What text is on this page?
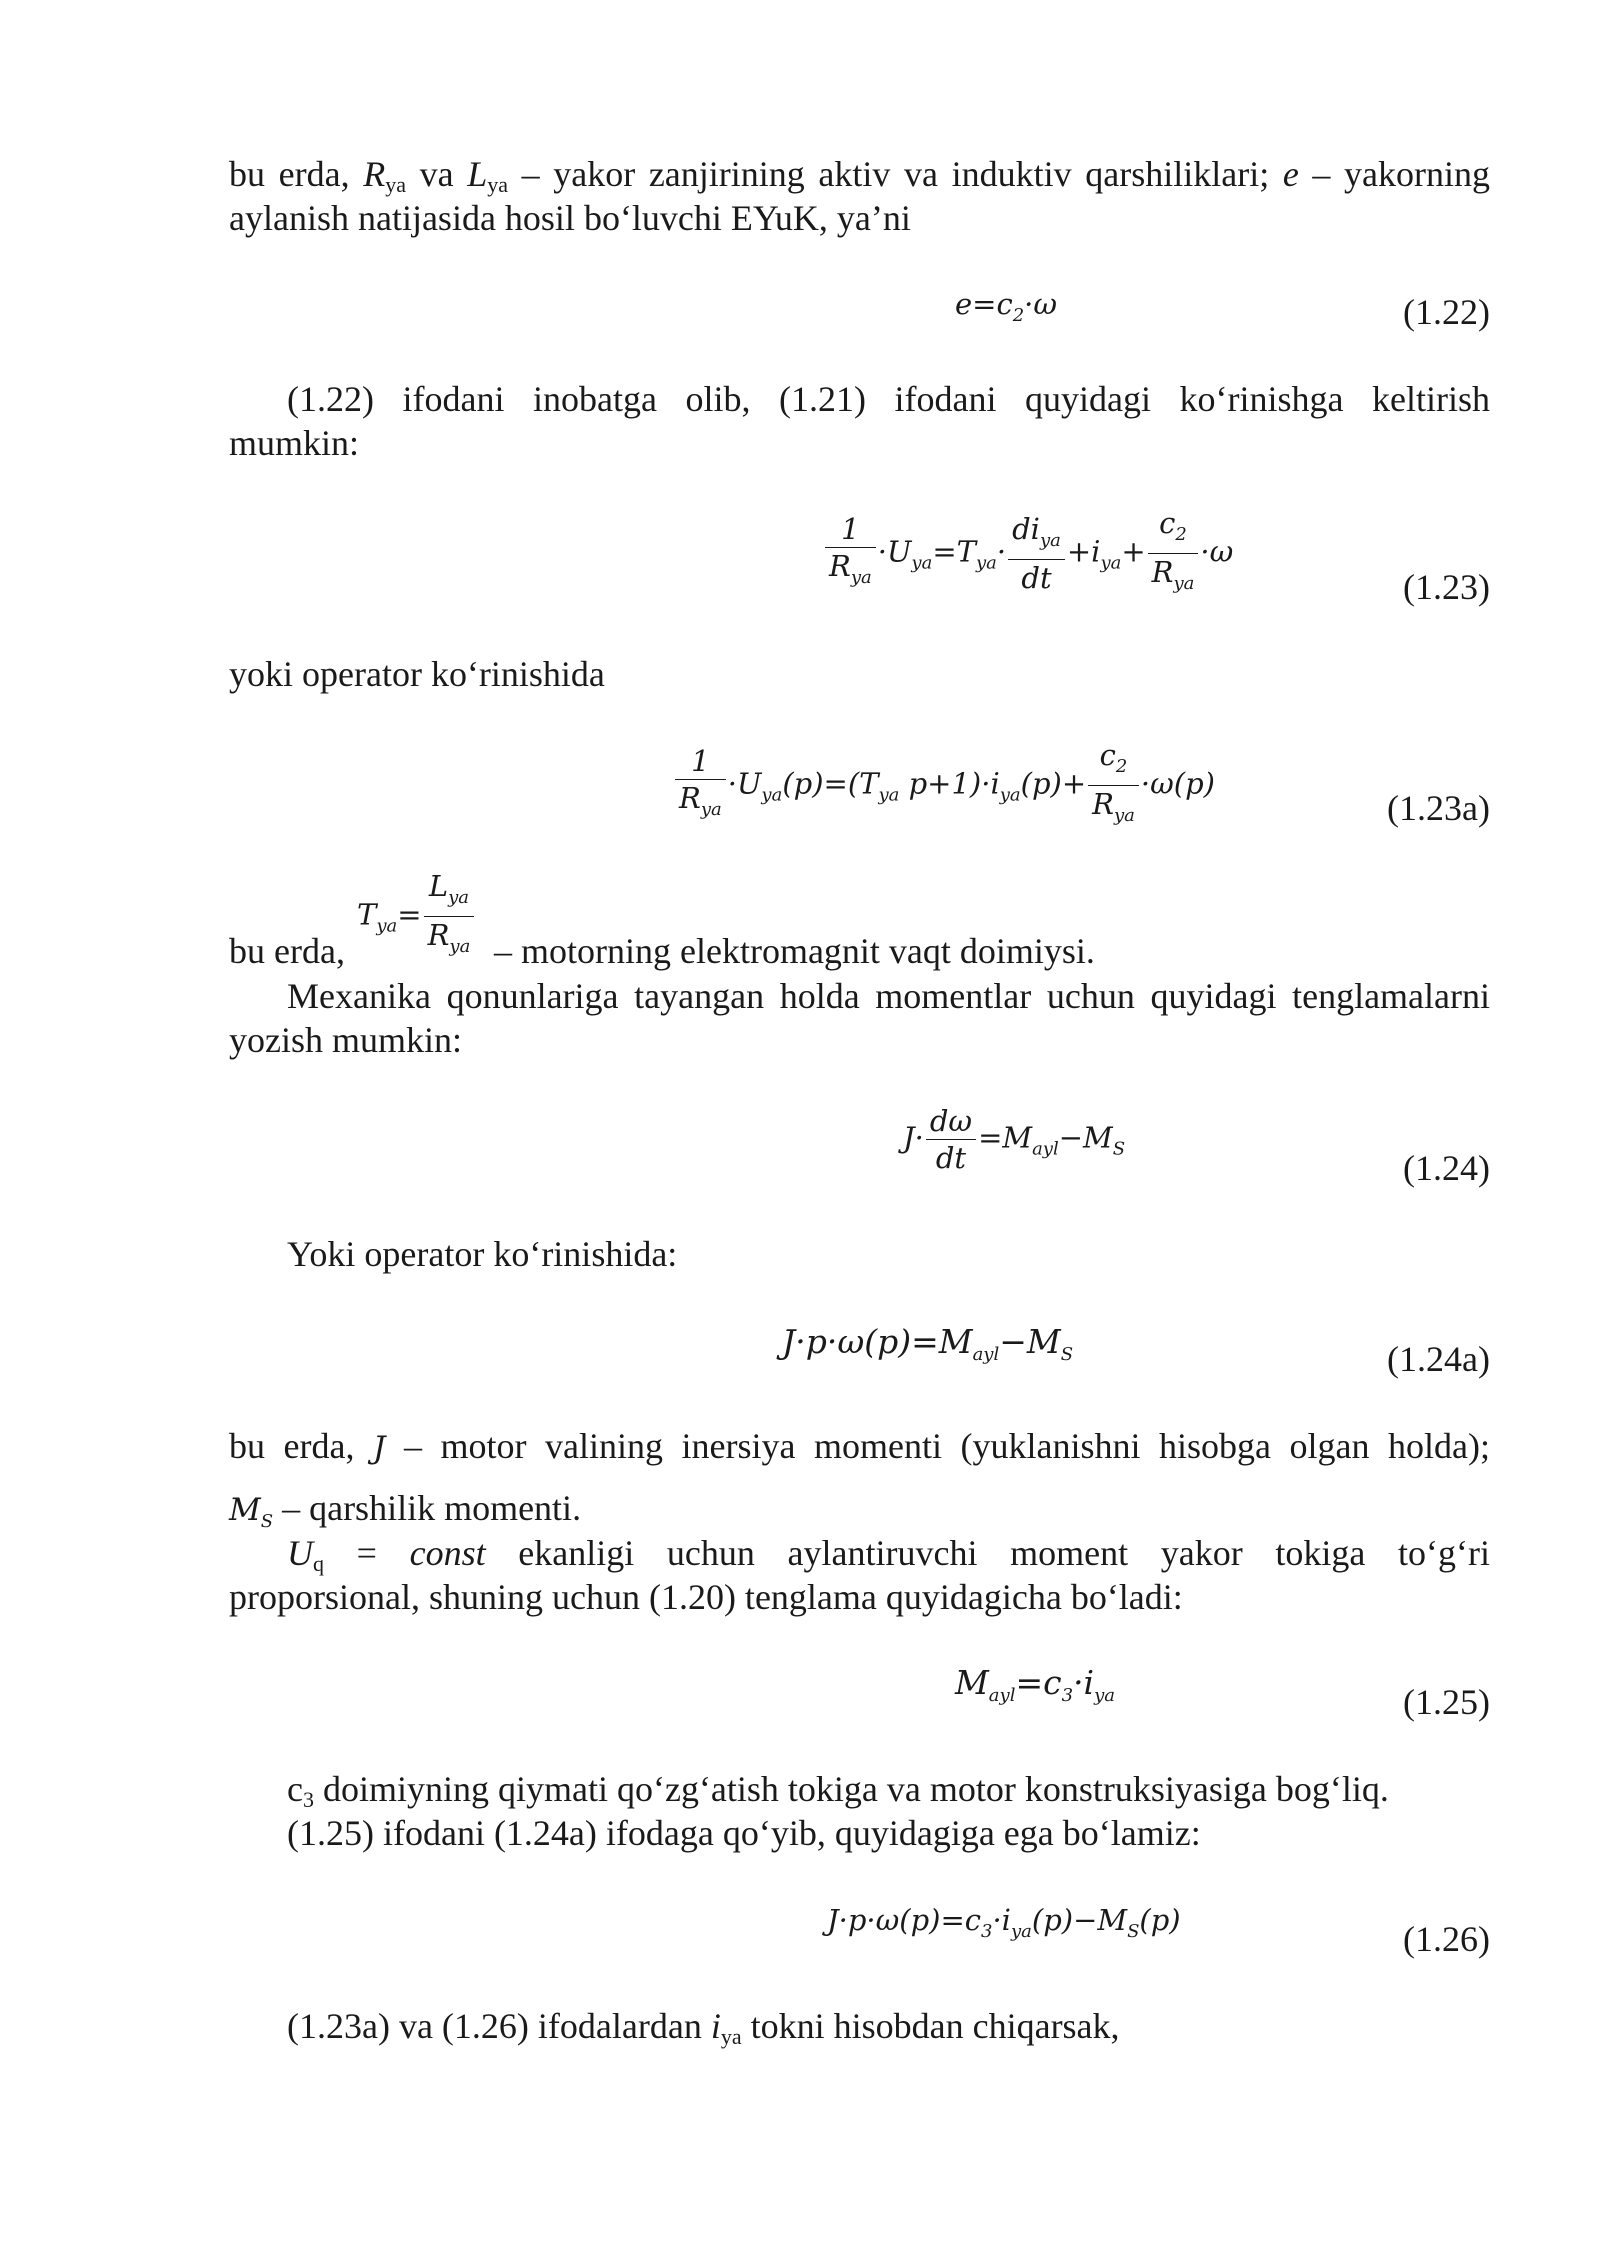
bu erda, $R_{ya}$ va $L_{ya}$ – yakor zanjirining aktiv va induktiv qarshiliklari; e – yakorning
aylanish natijasida hosil bo‘luvchi EYuK, ya’ni
$e=c_2\cdot\omega$	(1.22)
(1.22) ifodani inobatga olib, (1.21) ifodani quyidagi ko‘rinishga keltirish
mumkin:
$\frac{1}{R_{ya}} \cdot U_{ya}=T_{ya}\cdot \frac{di_{ya}}{dt} +i_{ya}+ \frac{c_2}{R_{ya}} \cdot\omega$
(1.23)
yoki operator ko‘rinishida
$\frac{1}{R_{ya}} \cdot U_{ya}(p)=(T_{ya}$ $p+1)\cdot i_{ya}(p)+ \frac{c_2}{R_{ya}} \cdot\omega(p)$
(1.23a)
$T_{ya}= \frac{L_{ya}}{R_{ya}}$
bu erda,	– motorning elektromagnit vaqt doimiysi.
Mexanika qonunlariga tayangan holda momentlar uchun quyidagi tenglamalarni
yozish mumkin:
$J\cdot \frac{d\omega}{dt} =M_{ayl}-M_S$	(1.24)
Yoki operator ko‘rinishida:
$J\cdot p\cdot\omega(p)=M_{ayl}-M_S$	(1.24a)
bu erda, J – motor valining inersiya momenti (yuklanishni hisobga olgan holda);
$M_S$ – qarshilik momenti.
$U_q$ = const ekanligi uchun aylantiruvchi moment yakor tokiga to‘g‘ri
proporsional, shuning uchun (1.20) tenglama quyidagicha bo‘ladi:
$M_{ayl}=c_3\cdot i_{ya}$	(1.25)
$c_3$ doimiyning qiymati qo‘zg‘atish tokiga va motor konstruksiyasiga bog‘liq.
(1.25) ifodani (1.24a) ifodaga qo‘yib, quyidagiga ega bo‘lamiz:
$J\cdot p\cdot\omega(p)=c_3\cdot i_{ya}(p)-M_S(p)$	(1.26)
(1.23a) va (1.26) ifodalardan $i_{ya}$ tokni hisobdan chiqarsak,
